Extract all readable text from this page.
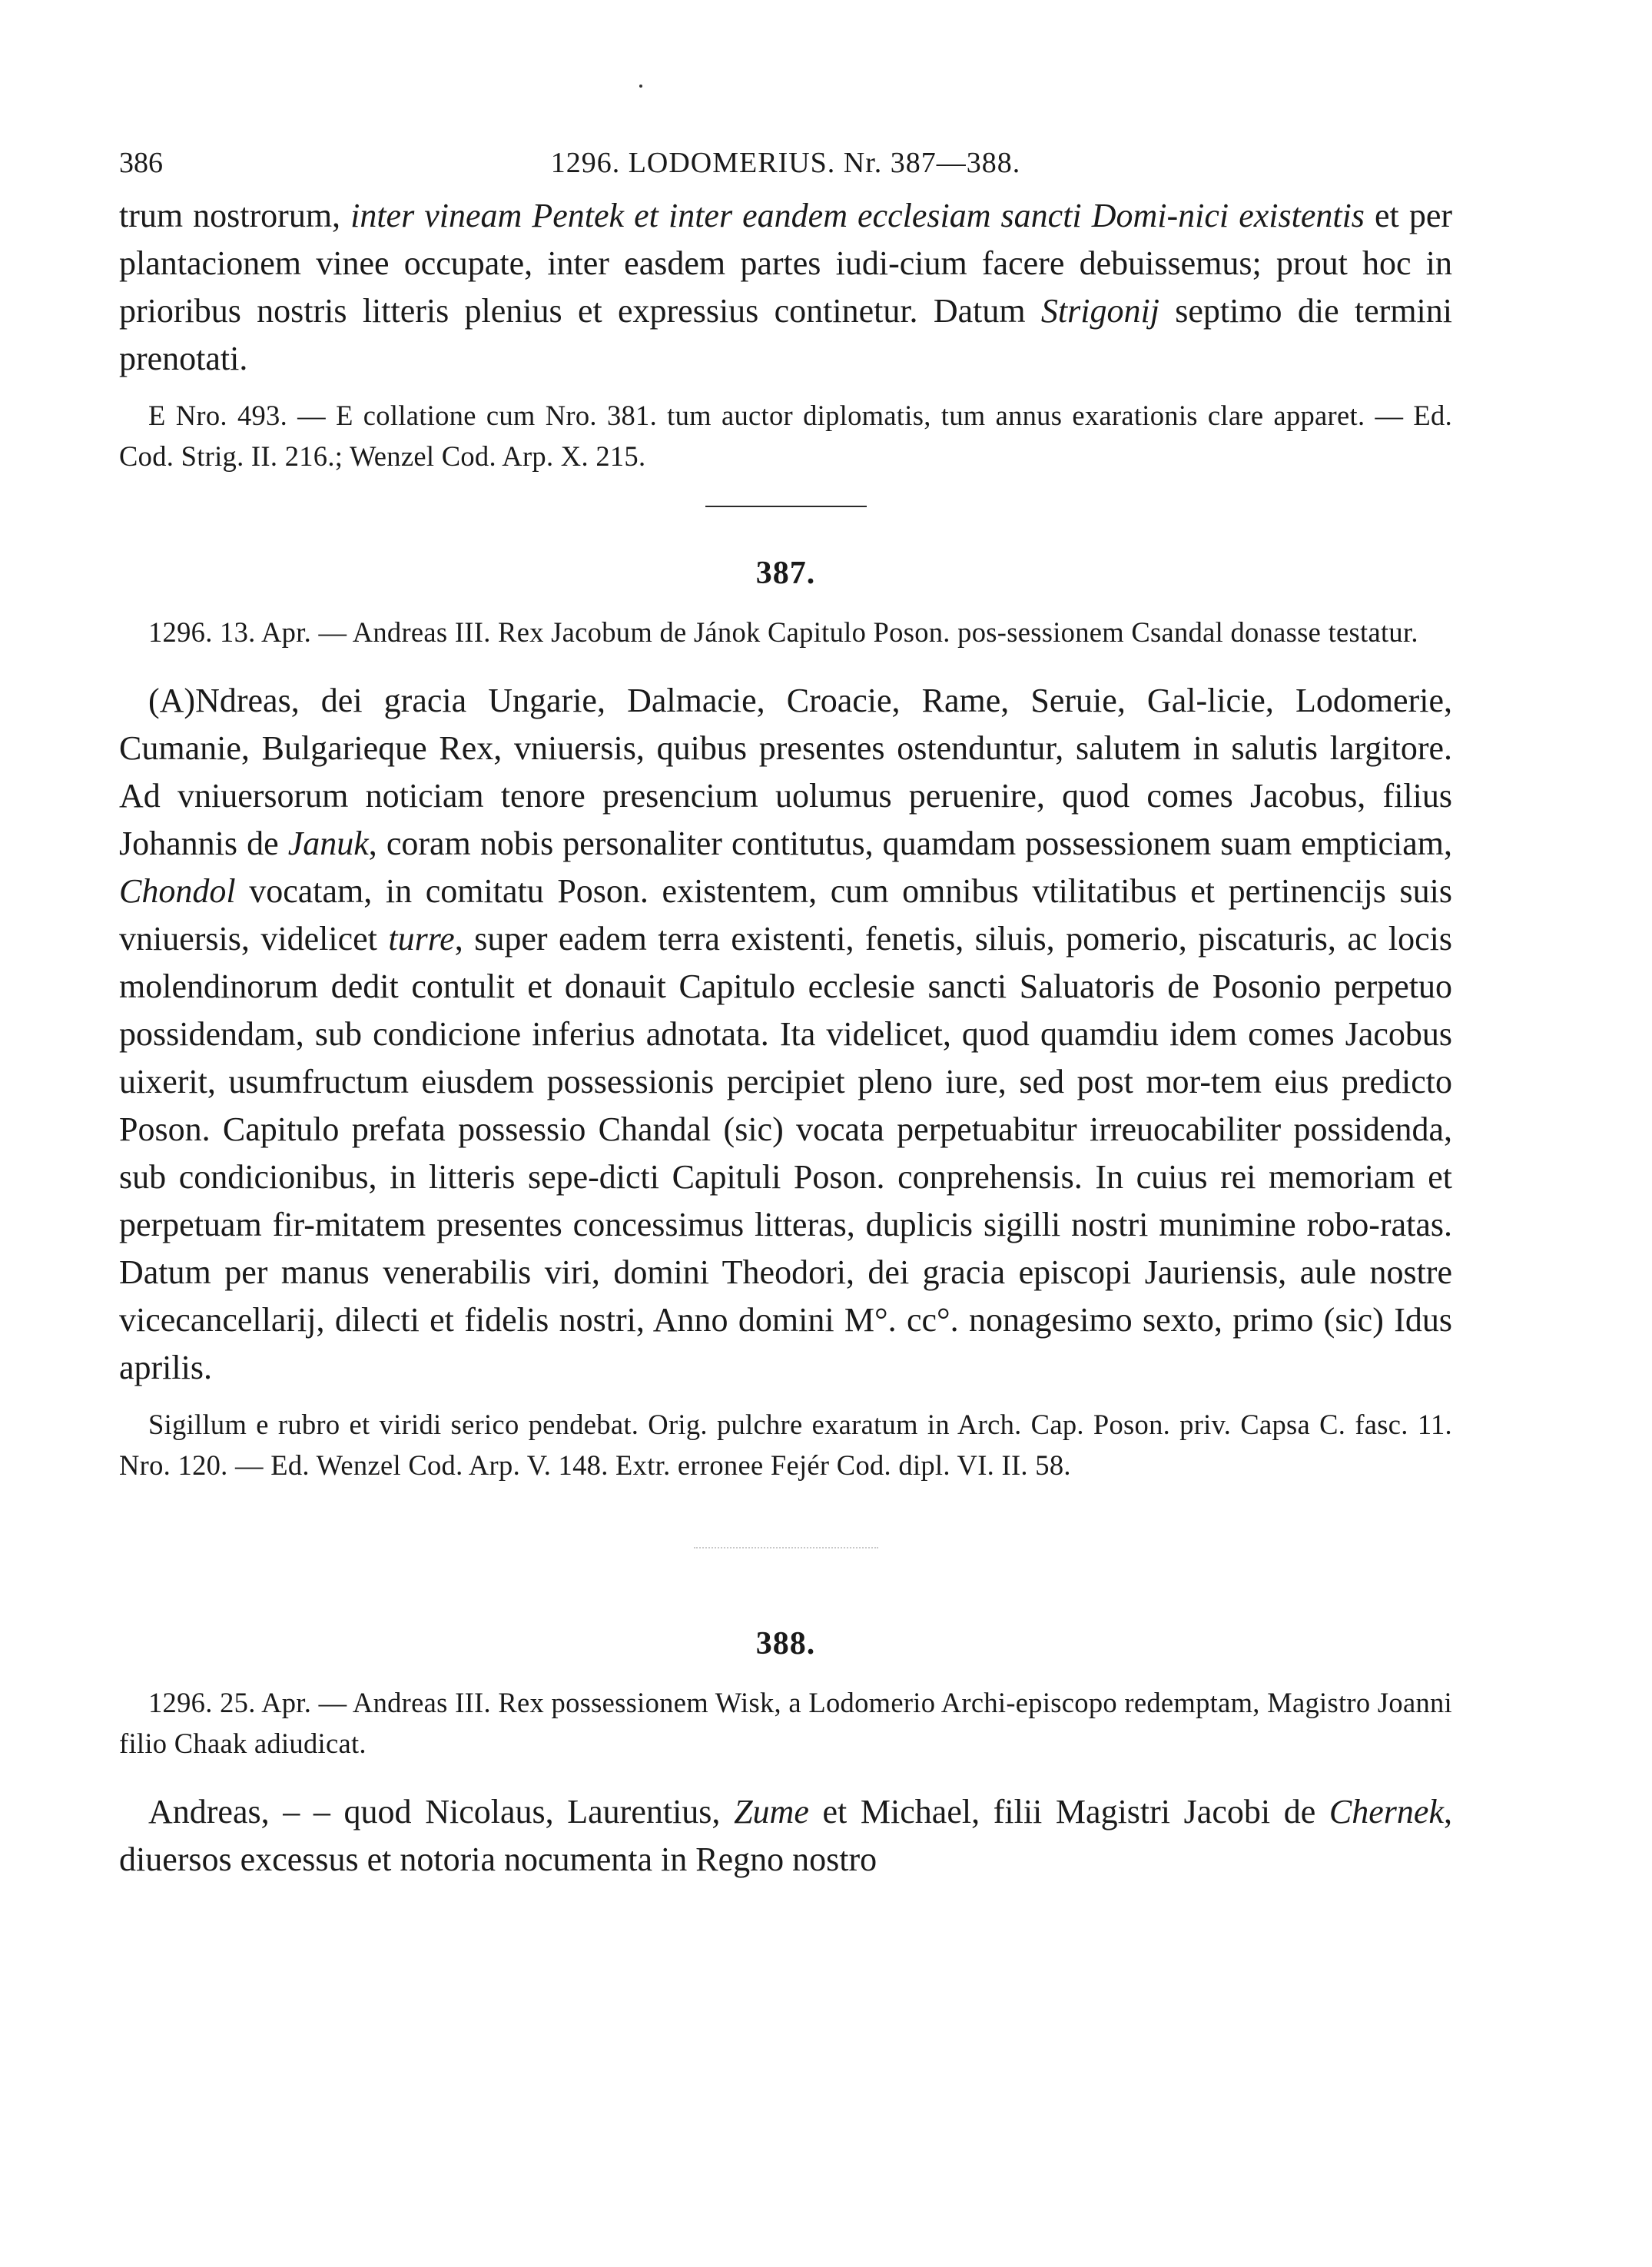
386	1296. LODOMERIUS. Nr. 387—388.

trum nostrorum, inter vineam Pentek et inter eandem ecclesiam sancti Domi-nici existentis et per plantacionem vinee occupate, inter easdem partes iudi-cium facere debuissemus; prout hoc in prioribus nostris litteris plenius et expressius continetur. Datum Strigonij septimo die termini prenotati.

E Nro. 493. — E collatione cum Nro. 381. tum auctor diplomatis, tum annus exarationis clare apparet. — Ed. Cod. Strig. II. 216.; Wenzel Cod. Arp. X. 215.

387.

1296. 13. Apr. — Andreas III. Rex Jacobum de Jánok Capitulo Poson. pos-sessionem Csandal donasse testatur.

(A)Ndreas, dei gracia Ungarie, Dalmacie, Croacie, Rame, Seruie, Gal-licie, Lodomerie, Cumanie, Bulgarieque Rex, vniuersis, quibus presentes ostenduntur, salutem in salutis largitore. Ad vniuersorum noticiam tenore presencium uolumus peruenire, quod comes Jacobus, filius Johannis de Januk, coram nobis personaliter contitutus, quamdam possessionem suam empticiam, Chondol vocatam, in comitatu Poson. existentem, cum omnibus vtilitatibus et pertinencijs suis vniuersis, videlicet turre, super eadem terra existenti, fenetis, siluis, pomerio, piscaturis, ac locis molendinorum dedit contulit et donauit Capitulo ecclesie sancti Saluatoris de Posonio perpetuo possidendam, sub condicione inferius adnotata. Ita videlicet, quod quamdiu idem comes Jacobus uixerit, usumfructum eiusdem possessionis percipiet pleno iure, sed post mor-tem eius predicto Poson. Capitulo prefata possessio Chandal (sic) vocata perpetuabitur irreuocabiliter possidenda, sub condicionibus, in litteris sepe-dicti Capituli Poson. conprehensis. In cuius rei memoriam et perpetuam fir-mitatem presentes concessimus litteras, duplicis sigilli nostri munimine robo-ratas. Datum per manus venerabilis viri, domini Theodori, dei gracia episcopi Jauriensis, aule nostre vicecancellarij, dilecti et fidelis nostri, Anno domini M°. cc°. nonagesimo sexto, primo (sic) Idus aprilis.

Sigillum e rubro et viridi serico pendebat. Orig. pulchre exaratum in Arch. Cap. Poson. priv. Capsa C. fasc. 11. Nro. 120. — Ed. Wenzel Cod. Arp. V. 148. Extr. erronee Fejér Cod. dipl. VI. II. 58.

388.

1296. 25. Apr. — Andreas III. Rex possessionem Wisk, a Lodomerio Archi-episcopo redemptam, Magistro Joanni filio Chaak adiudicat.

Andreas, – – quod Nicolaus, Laurentius, Zume et Michael, filii Magistri Jacobi de Chernek, diuersos excessus et notoria nocumenta in Regno nostro
